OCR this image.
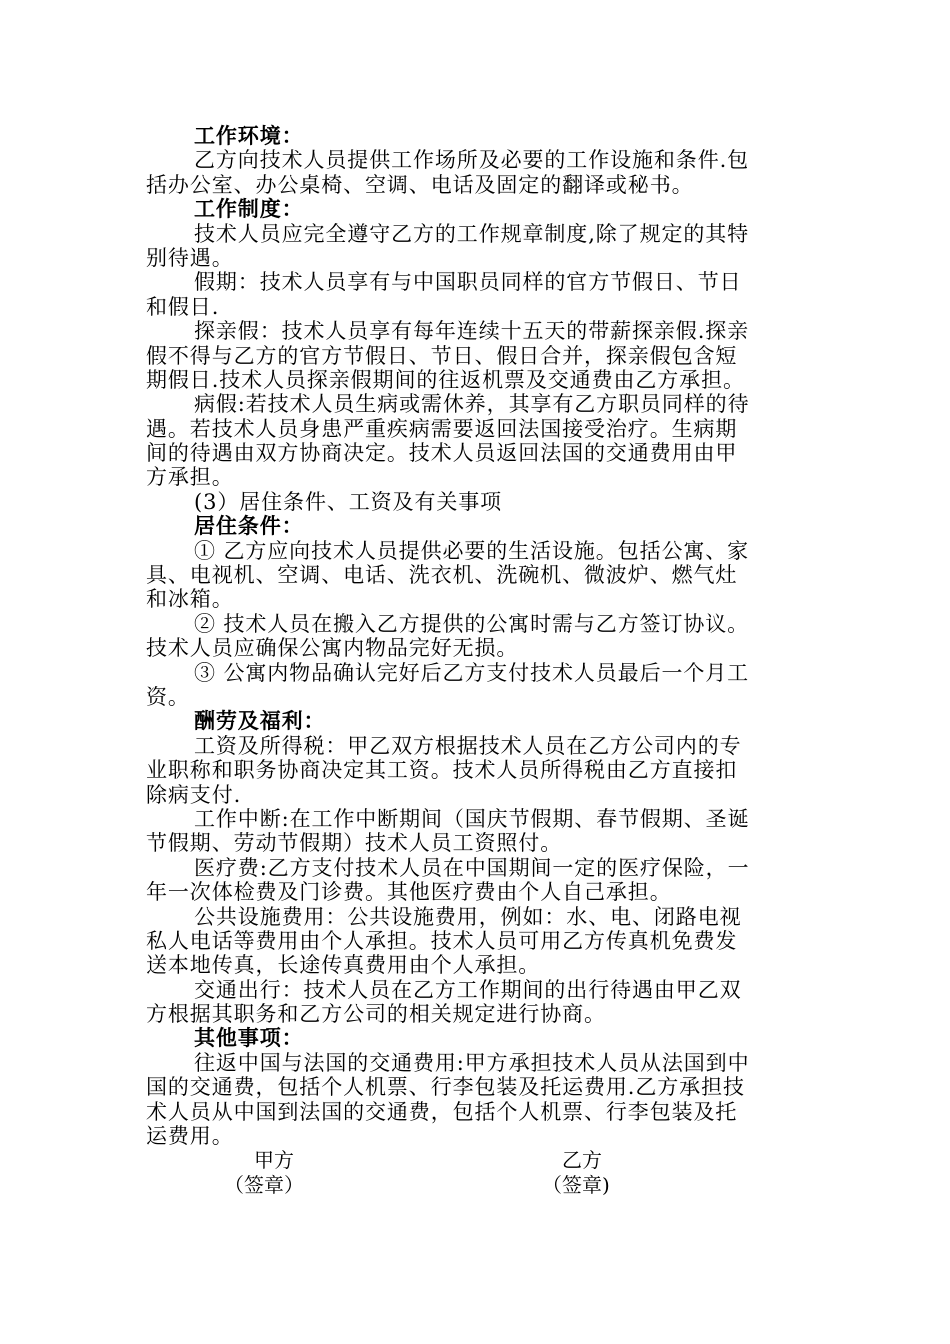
工作环境：
乙方向技术人员提供工作场所及必要的工作设施和条件.包
括办公室、办公桌椅、空调、电话及固定的翻译或秘书。
工作制度：
技术人员应完全遵守乙方的工作规章制度,除了规定的其特
别待遇。
假期：技术人员享有与中国职员同样的官方节假日、节日
和假日.
探亲假：技术人员享有每年连续十五天的带薪探亲假.探亲
假不得与乙方的官方节假日、节日、假日合并，探亲假包含短
期假日.技术人员探亲假期间的往返机票及交通费由乙方承担。
病假:若技术人员生病或需休养，其享有乙方职员同样的待
遇。若技术人员身患严重疾病需要返回法国接受治疗。生病期
间的待遇由双方协商决定。技术人员返回法国的交通费用由甲
方承担。
(3）居住条件、工资及有关事项
居住条件：
① 乙方应向技术人员提供必要的生活设施。包括公寓、家
具、电视机、空调、电话、洗衣机、洗碗机、微波炉、燃气灶
和冰箱。
② 技术人员在搬入乙方提供的公寓时需与乙方签订协议。
技术人员应确保公寓内物品完好无损。
③ 公寓内物品确认完好后乙方支付技术人员最后一个月工
资。
酬劳及福利：
工资及所得税：甲乙双方根据技术人员在乙方公司内的专
业职称和职务协商决定其工资。技术人员所得税由乙方直接扣
除病支付.
工作中断:在工作中断期间（国庆节假期、春节假期、圣诞
节假期、劳动节假期）技术人员工资照付。
医疗费:乙方支付技术人员在中国期间一定的医疗保险，一
年一次体检费及门诊费。其他医疗费由个人自己承担。
公共设施费用：公共设施费用，例如：水、电、闭路电视
私人电话等费用由个人承担。技术人员可用乙方传真机免费发
送本地传真，长途传真费用由个人承担。
交通出行：技术人员在乙方工作期间的出行待遇由甲乙双
方根据其职务和乙方公司的相关规定进行协商。
其他事项：
往返中国与法国的交通费用:甲方承担技术人员从法国到中
国的交通费，包括个人机票、行李包装及托运费用.乙方承担技
术人员从中国到法国的交通费，包括个人机票、行李包装及托
运费用。
甲方	乙方
（签章）	（签章)
